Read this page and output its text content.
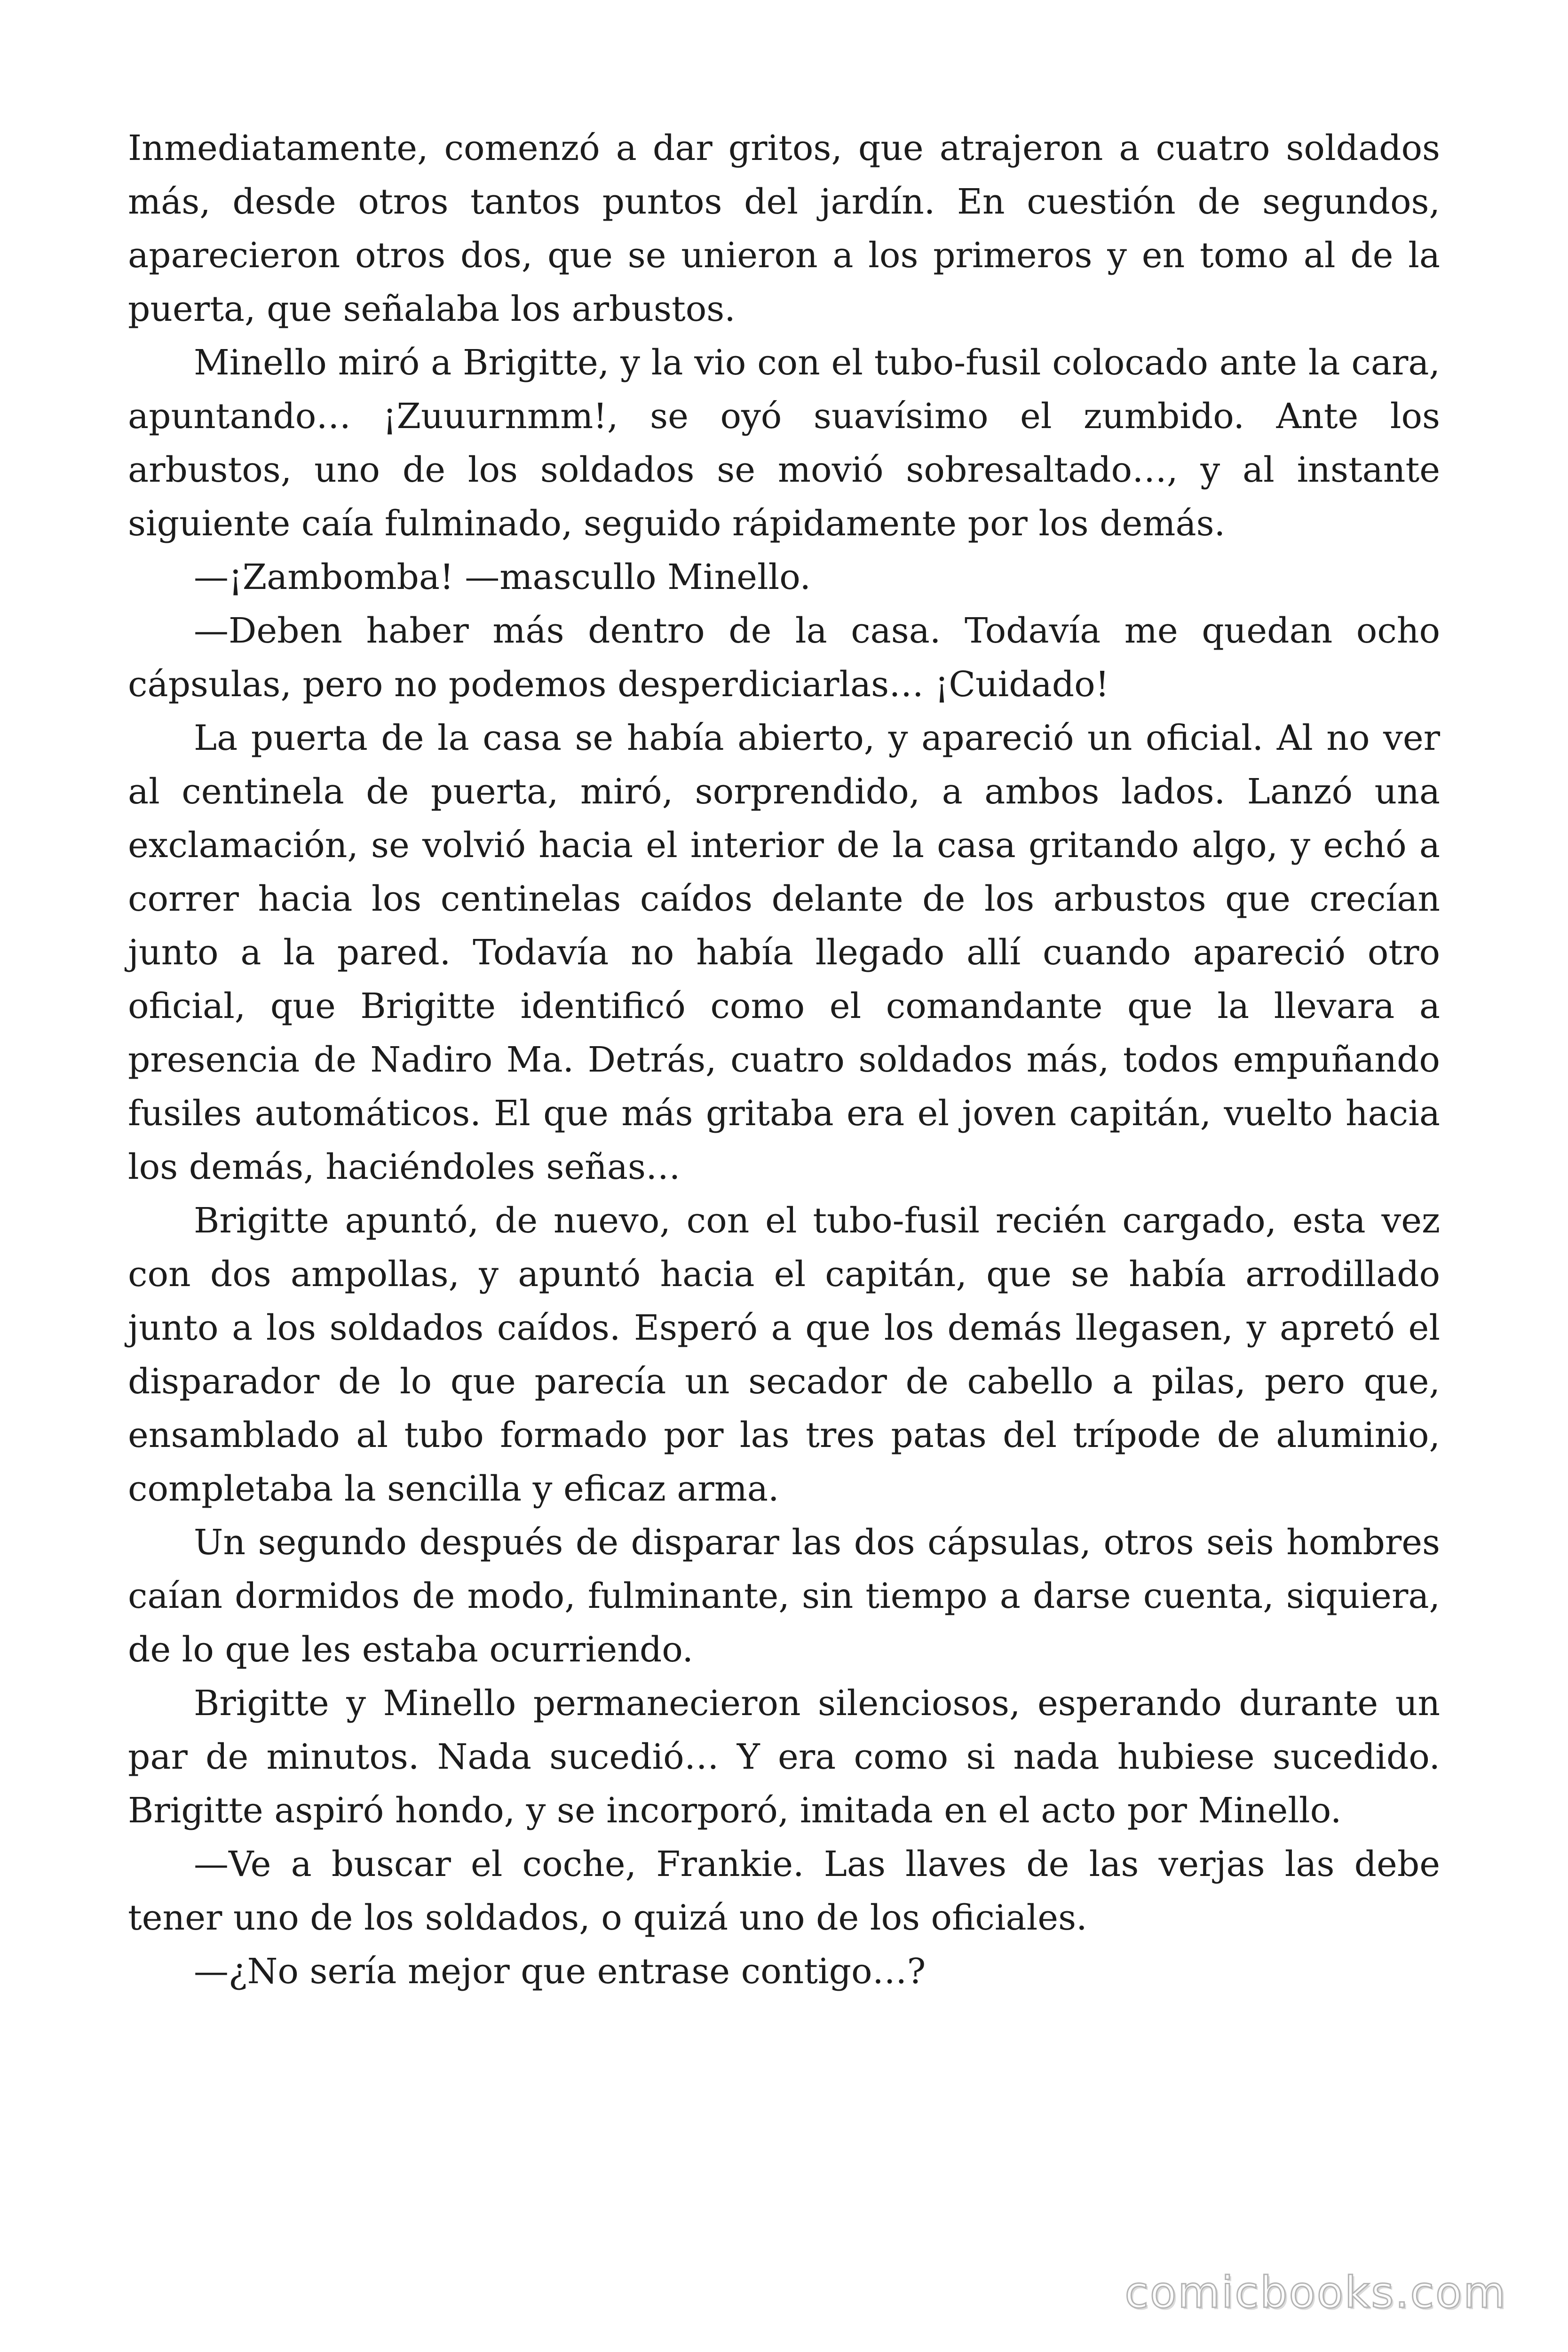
Inmediatamente, comenzó a dar gritos, que atrajeron a cuatro soldados más, desde otros tantos puntos del jardín. En cuestión de segundos, aparecieron otros dos, que se unieron a los primeros y en tomo al de la puerta, que señalaba los arbustos.

Minello miró a Brigitte, y la vio con el tubo-fusil colocado ante la cara, apuntando… ¡Zuuurnmm!, se oyó suavísimo el zumbido. Ante los arbustos, uno de los soldados se movió sobresaltado…, y al instante siguiente caía fulminado, seguido rápidamente por los demás.

—¡Zambomba! —mascullo Minello.

—Deben haber más dentro de la casa. Todavía me quedan ocho cápsulas, pero no podemos desperdiciarlas… ¡Cuidado!

La puerta de la casa se había abierto, y apareció un oficial. Al no ver al centinela de puerta, miró, sorprendido, a ambos lados. Lanzó una exclamación, se volvió hacia el interior de la casa gritando algo, y echó a correr hacia los centinelas caídos delante de los arbustos que crecían junto a la pared. Todavía no había llegado allí cuando apareció otro oficial, que Brigitte identificó como el comandante que la llevara a presencia de Nadiro Ma. Detrás, cuatro soldados más, todos empuñando fusiles automáticos. El que más gritaba era el joven capitán, vuelto hacia los demás, haciéndoles señas…

Brigitte apuntó, de nuevo, con el tubo-fusil recién cargado, esta vez con dos ampollas, y apuntó hacia el capitán, que se había arrodillado junto a los soldados caídos. Esperó a que los demás llegasen, y apretó el disparador de lo que parecía un secador de cabello a pilas, pero que, ensamblado al tubo formado por las tres patas del trípode de aluminio, completaba la sencilla y eficaz arma.

Un segundo después de disparar las dos cápsulas, otros seis hombres caían dormidos de modo, fulminante, sin tiempo a darse cuenta, siquiera, de lo que les estaba ocurriendo.

Brigitte y Minello permanecieron silenciosos, esperando durante un par de minutos. Nada sucedió… Y era como si nada hubiese sucedido. Brigitte aspiró hondo, y se incorporó, imitada en el acto por Minello.

—Ve a buscar el coche, Frankie. Las llaves de las verjas las debe tener uno de los soldados, o quizá uno de los oficiales.

—¿No sería mejor que entrase contigo…?

comicbooks.com
